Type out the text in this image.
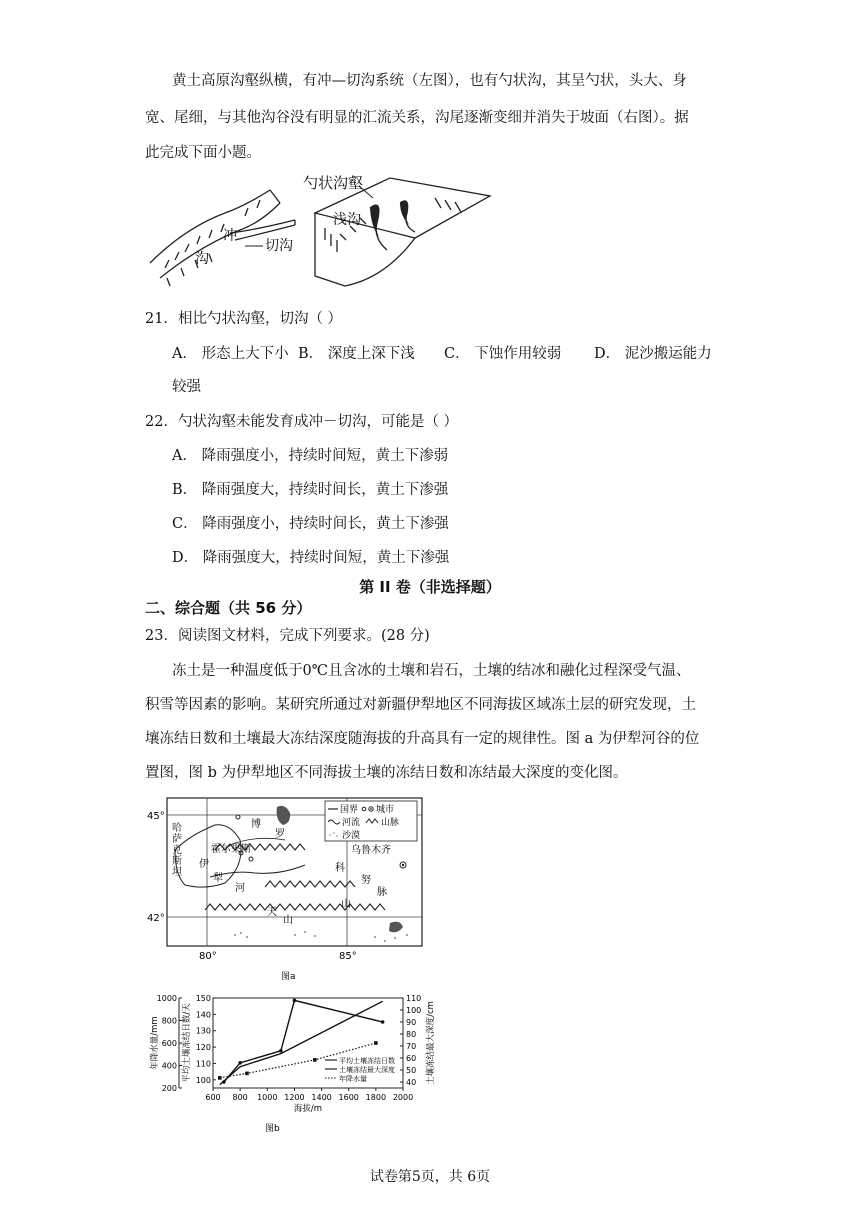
黄土高原沟壑纵横，有冲—切沟系统（左图），也有勺状沟，其呈勺状，头大、身
宽、尾细，与其他沟谷没有明显的汇流关系，沟尾逐渐变细并消失于坡面（右图）。据
此完成下面小题。
勺状沟壑
浅沟
冲
沟
切沟
21．相比勺状沟壑，切沟（ ）
A． 形态上大下小 B． 深度上深下浅 C． 下蚀作用较弱 D． 泥沙搬运能力
较强
22．勺状沟壑未能发育成冲－切沟，可能是（ ）
A． 降雨强度小，持续时间短，黄土下渗弱
B． 降雨强度大，持续时间长，黄土下渗强
C． 降雨强度小，持续时间长，黄土下渗强
D． 降雨强度大，持续时间短，黄土下渗强
第 II 卷（非选择题）
二、综合题（共 56 分）
23．阅读图文材料，完成下列要求。(28 分)
冻土是一种温度低于0℃且含冰的土壤和岩石，土壤的结冰和融化过程深受气温、
积雪等因素的影响。某研究所通过对新疆伊犁地区不同海拔区域冻土层的研究发现，土
壤冻结日数和土壤最大冻结深度随海拔的升高具有一定的规律性。图 a 为伊犁河谷的位
置图，图 b 为伊犁地区不同海拔土壤的冻结日数和冻结最大深度的变化图。
45°
42°
80°	85°
哈
萨
克
斯
坦
乌鲁木齐
霍尔果斯
伊
犁
河
天
山
山
博
罗
科
努
脉
国界 城市
河流 山脉
沙漠
图a
600 800 1000 1200 1400 1600 1800 2000
海拔/m
200
400
600
800
1000
100
110
120
130
140
150
40
50
60
70
80
90
100
110
年降水量/mm	平均土壤冻结日数/天	土壤冻结最大深度/cm
平均土壤冻结日数
土壤冻结最大深度
年降水量
图b
试卷第5页，共 6页
